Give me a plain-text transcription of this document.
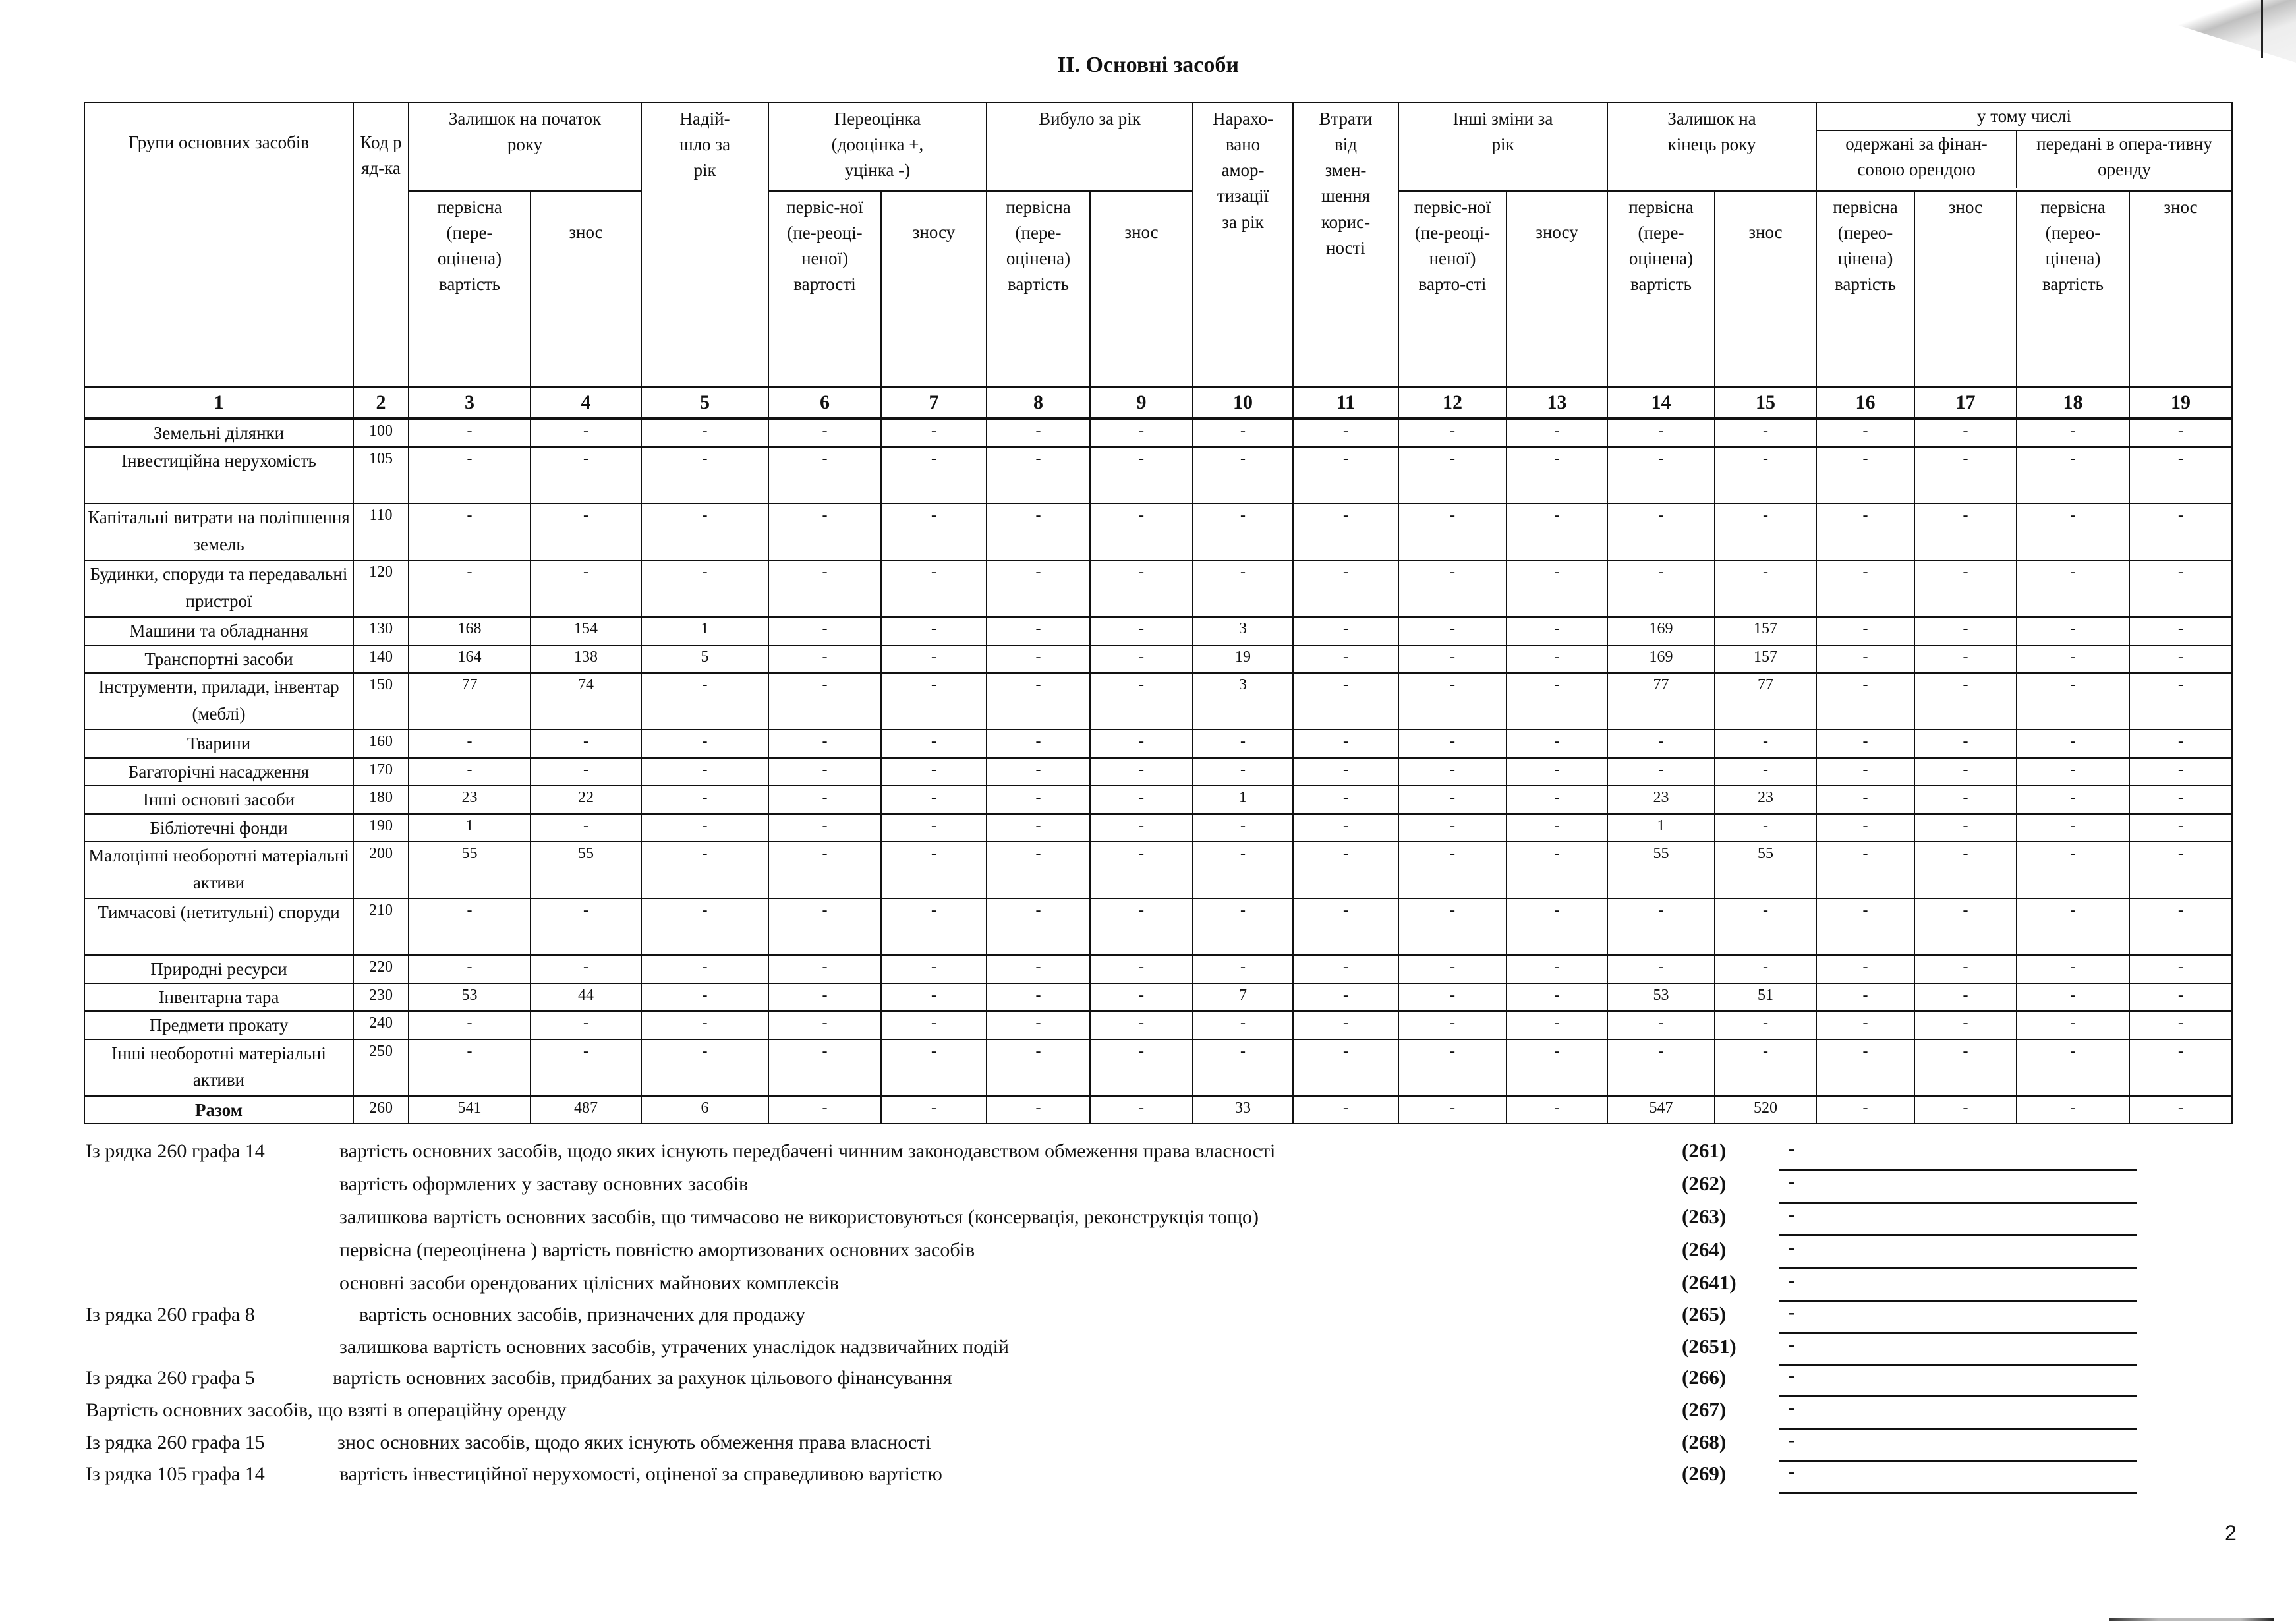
II. Основні засоби
Групи основних засобів	Код ряд-ка	Залишок на початок року		Надій-шло за рік	Переоцінка (дооцінка +, уцінка -)		Вибуло за рік		Нарахо-вано амор-тизації за рік	Втрати від змен-шення корис-ності	Інші зміни за рік		Залишок на кінець року		у тому числі
одержані за фінан-совою орендою
передані в опера-тивну оренду			

		первісна (пере-оцінена) вартість	знос		первіс-ної (пе-реоці-неної) вартості	зносу	первісна (пере-оцінена) вартість	знос			первіс-ної (пе-реоці-неної) варто-сті	зносу	первісна (пере-оцінена) вартість	знос	первісна (перео-цінена) вартість	знос	первісна (перео-цінена) вартість	знос
1	2	3	4	5	6	7	8	9	10	11	12	13	14	15	16	17	18	19
Земельні ділянки	100	-	-	-	-	-	-	-	-	-	-	-	-	-	-	-	-	-
Інвестиційна нерухомість	105	-	-	-	-	-	-	-	-	-	-	-	-	-	-	-	-	-
Капітальні витрати на поліпшення земель	110	-	-	-	-	-	-	-	-	-	-	-	-	-	-	-	-	-
Будинки, споруди та передавальні пристрої	120	-	-	-	-	-	-	-	-	-	-	-	-	-	-	-	-	-
Машини та обладнання	130	168	154	1	-	-	-	-	3	-	-	-	169	157	-	-	-	-
Транспортні засоби	140	164	138	5	-	-	-	-	19	-	-	-	169	157	-	-	-	-
Інструменти, прилади, інвентар (меблі)	150	77	74	-	-	-	-	-	3	-	-	-	77	77	-	-	-	-
Тварини	160	-	-	-	-	-	-	-	-	-	-	-	-	-	-	-	-	-
Багаторічні насадження	170	-	-	-	-	-	-	-	-	-	-	-	-	-	-	-	-	-
Інші основні засоби	180	23	22	-	-	-	-	-	1	-	-	-	23	23	-	-	-	-
Бібліотечні фонди	190	1	-	-	-	-	-	-	-	-	-	-	1	-	-	-	-	-
Малоцінні необоротні матеріальні активи	200	55	55	-	-	-	-	-	-	-	-	-	55	55	-	-	-	-
Тимчасові (нетитульні) споруди	210	-	-	-	-	-	-	-	-	-	-	-	-	-	-	-	-	-
Природні ресурси	220	-	-	-	-	-	-	-	-	-	-	-	-	-	-	-	-	-
Інвентарна тара	230	53	44	-	-	-	-	-	7	-	-	-	53	51	-	-	-	-
Предмети прокату	240	-	-	-	-	-	-	-	-	-	-	-	-	-	-	-	-	-
Інші необоротні матеріальні активи	250	-	-	-	-	-	-	-	-	-	-	-	-	-	-	-	-	-
Разом	260	541	487	6	-	-	-	-	33	-	-	-	547	520	-	-	-	-
Із рядка 260 графа 14	вартість основних засобів, щодо яких існують передбачені чинним законодавством обмеження права власності	(261)	-
вартість оформлених у заставу основних засобів	(262)	-
залишкова вартість основних засобів, що тимчасово не використовуються (консервація, реконструкція тощо)	(263)	-
первісна (переоцінена ) вартість повністю амортизованих основних засобів	(264)	-
основні засоби орендованих цілісних майнових комплексів	(2641)	-
Із рядка 260 графа 8	вартість основних засобів, призначених для продажу	(265)	-
залишкова вартість основних засобів, утрачених унаслідок надзвичайних подій	(2651)	-
Із рядка 260 графа 5	вартість основних засобів, придбаних за рахунок цільового фінансування	(266)	-
Вартість основних засобів, що взяті в операційну оренду	(267)	-
Із рядка 260 графа 15	знос основних засобів, щодо яких існують обмеження права власності	(268)	-
Із рядка 105 графа 14	вартість інвестиційної нерухомості, оціненої за справедливою вартістю	(269)	-
2
